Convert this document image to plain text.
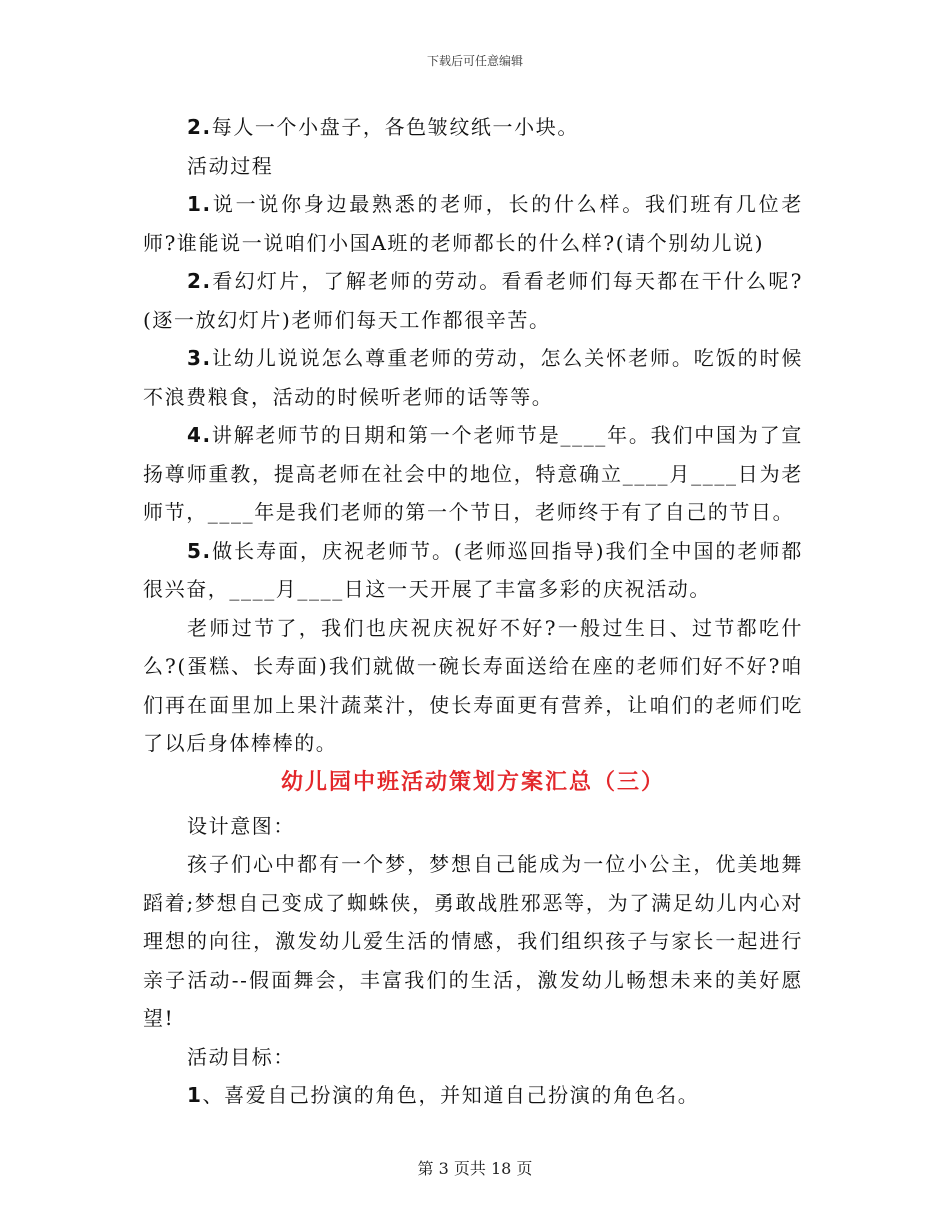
下载后可任意编辑

2.每人一个小盘子，各色皱纹纸一小块。

活动过程

1.说一说你身边最熟悉的老师，长的什么样。我们班有几位老师?谁能说一说咱们小国A班的老师都长的什么样?(请个别幼儿说)

2.看幻灯片，了解老师的劳动。看看老师们每天都在干什么呢?(逐一放幻灯片)老师们每天工作都很辛苦。

3.让幼儿说说怎么尊重老师的劳动，怎么关怀老师。吃饭的时候不浪费粮食，活动的时候听老师的话等等。

4.讲解老师节的日期和第一个老师节是____年。我们中国为了宣扬尊师重教，提高老师在社会中的地位，特意确立____月____日为老师节，____年是我们老师的第一个节日，老师终于有了自己的节日。

5.做长寿面，庆祝老师节。(老师巡回指导)我们全中国的老师都很兴奋，____月____日这一天开展了丰富多彩的庆祝活动。

老师过节了，我们也庆祝庆祝好不好?一般过生日、过节都吃什么?(蛋糕、长寿面)我们就做一碗长寿面送给在座的老师们好不好?咱们再在面里加上果汁蔬菜汁，使长寿面更有营养，让咱们的老师们吃了以后身体棒棒的。

幼儿园中班活动策划方案汇总（三）

设计意图：

孩子们心中都有一个梦，梦想自己能成为一位小公主，优美地舞蹈着;梦想自己变成了蜘蛛侠，勇敢战胜邪恶等，为了满足幼儿内心对理想的向往，激发幼儿爱生活的情感，我们组织孩子与家长一起进行亲子活动--假面舞会，丰富我们的生活，激发幼儿畅想未来的美好愿望!

活动目标：

1、喜爱自己扮演的角色，并知道自己扮演的角色名。

第 3 页共 18 页
